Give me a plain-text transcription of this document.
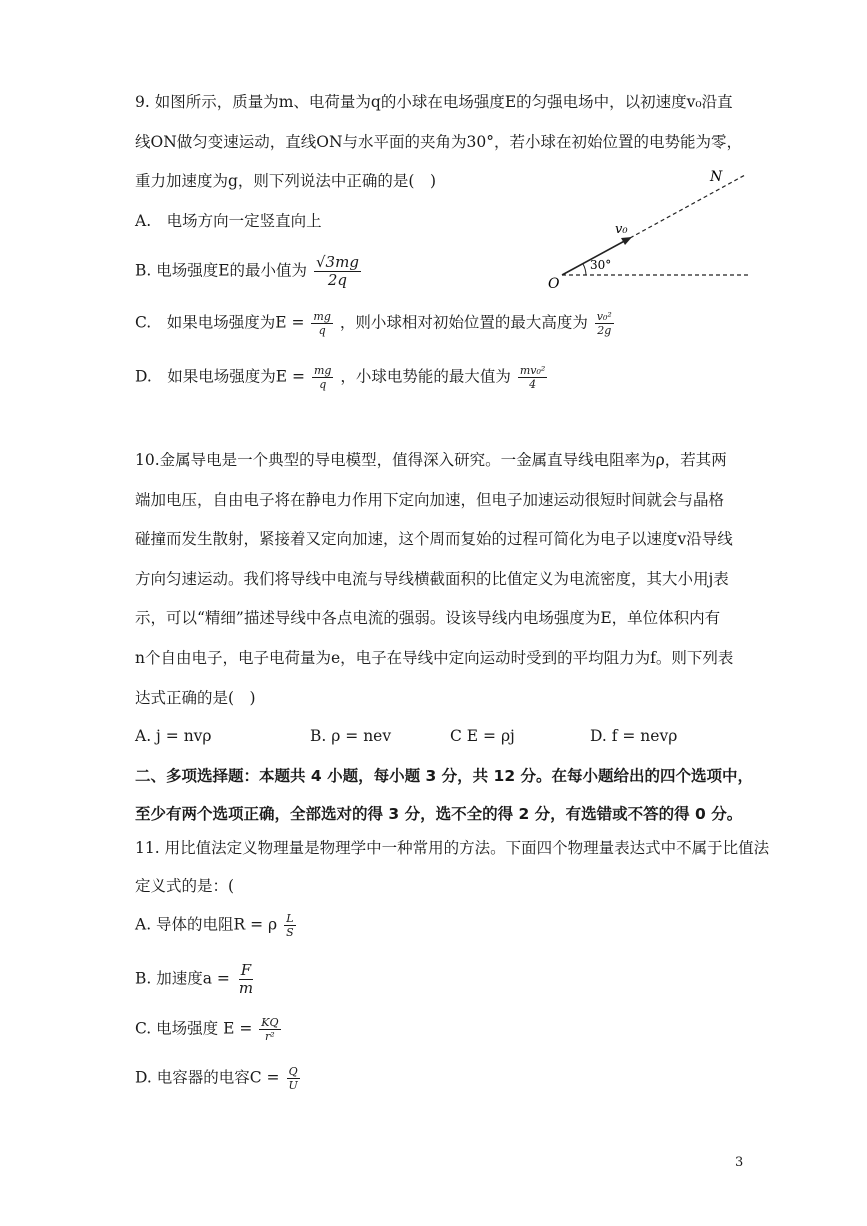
9. 如图所示，质量为m、电荷量为q的小球在电场强度E的匀强电场中，以初速度v₀沿直
线ON做匀变速运动，直线ON与水平面的夹角为30°，若小球在初始位置的电势能为零，
重力加速度为g，则下列说法中正确的是(　)
A.　电场方向一定竖直向上
B. 电场强度E的最小值为 $\frac{√3mg}{2q}$
C.　如果电场强度为$E = \frac{mg}{q}$ ，则小球相对初始位置的最大高度为 $\frac{\text{v₀²}}{2g}$
D.　如果电场强度为$E = \frac{mg}{q}$ ，小球电势能的最大值为 $\frac{\text{mv₀²}}{4}$
N
v₀
30°
O
10.金属导电是一个典型的导电模型，值得深入研究。一金属直导线电阻率为ρ，若其两
端加电压，自由电子将在静电力作用下定向加速，但电子加速运动很短时间就会与晶格
碰撞而发生散射，紧接着又定向加速，这个周而复始的过程可简化为电子以速度v沿导线
方向匀速运动。我们将导线中电流与导线横截面积的比值定义为电流密度，其大小用j表
示，可以“精细”描述导线中各点电流的强弱。设该导线内电场强度为E，单位体积内有
n个自由电子，电子电荷量为e，电子在导线中定向运动时受到的平均阻力为f。则下列表
达式正确的是(　)
A. j = nvρ	B. ρ = nev	C E = ρj	D. f = nevρ
二、多项选择题：本题共 4 小题，每小题 3 分，共 12 分。在每小题给出的四个选项中，
至少有两个选项正确，全部选对的得 3 分，选不全的得 2 分，有选错或不答的得 0 分。
11. 用比值法定义物理量是物理学中一种常用的方法。下面四个物理量表达式中不属于比值法
定义式的是：(
A. 导体的电阻R = ρ $\frac{L}{S}$
B. 加速度$a = \frac{F}{m}$
C. 电场强度 $E = \frac{KQ}{\text{r²}}$
D. 电容器的电容$C = \frac{Q}{U}$
3
